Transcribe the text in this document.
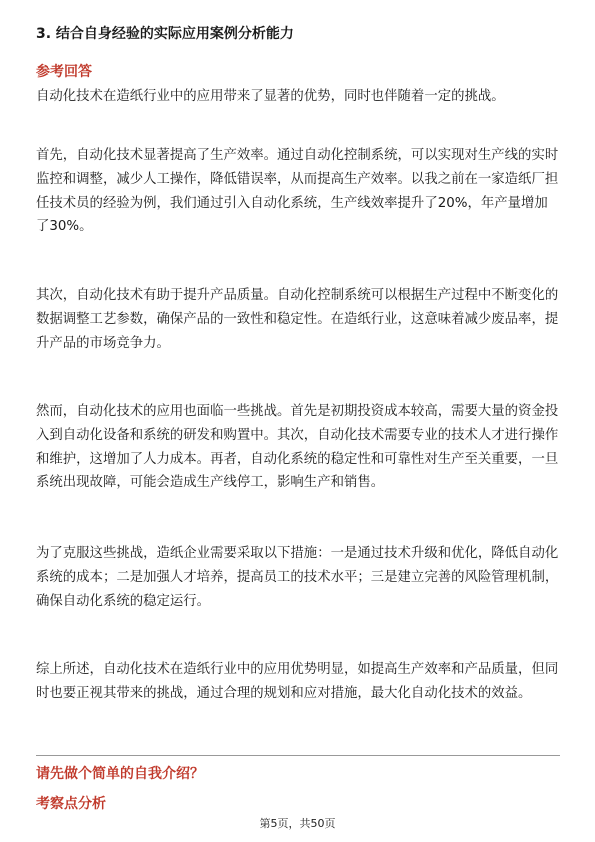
3. 结合自身经验的实际应用案例分析能力
参考回答

自动化技术在造纸行业中的应用带来了显著的优势，同时也伴随着一定的挑战。

首先，自动化技术显著提高了生产效率。通过自动化控制系统，可以实现对生产线的实时监控和调整，减少人工操作，降低错误率，从而提高生产效率。以我之前在一家造纸厂担任技术员的经验为例，我们通过引入自动化系统，生产线效率提升了20%，年产量增加了30%。

其次，自动化技术有助于提升产品质量。自动化控制系统可以根据生产过程中不断变化的数据调整工艺参数，确保产品的一致性和稳定性。在造纸行业，这意味着减少废品率，提升产品的市场竞争力。

然而，自动化技术的应用也面临一些挑战。首先是初期投资成本较高，需要大量的资金投入到自动化设备和系统的研发和购置中。其次，自动化技术需要专业的技术人才进行操作和维护，这增加了人力成本。再者，自动化系统的稳定性和可靠性对生产至关重要，一旦系统出现故障，可能会造成生产线停工，影响生产和销售。

为了克服这些挑战，造纸企业需要采取以下措施：一是通过技术升级和优化，降低自动化系统的成本；二是加强人才培养，提高员工的技术水平；三是建立完善的风险管理机制，确保自动化系统的稳定运行。

综上所述，自动化技术在造纸行业中的应用优势明显，如提高生产效率和产品质量，但同时也要正视其带来的挑战，通过合理的规划和应对措施，最大化自动化技术的效益。

请先做个简单的自我介绍？
考察点分析
第5页，共50页
